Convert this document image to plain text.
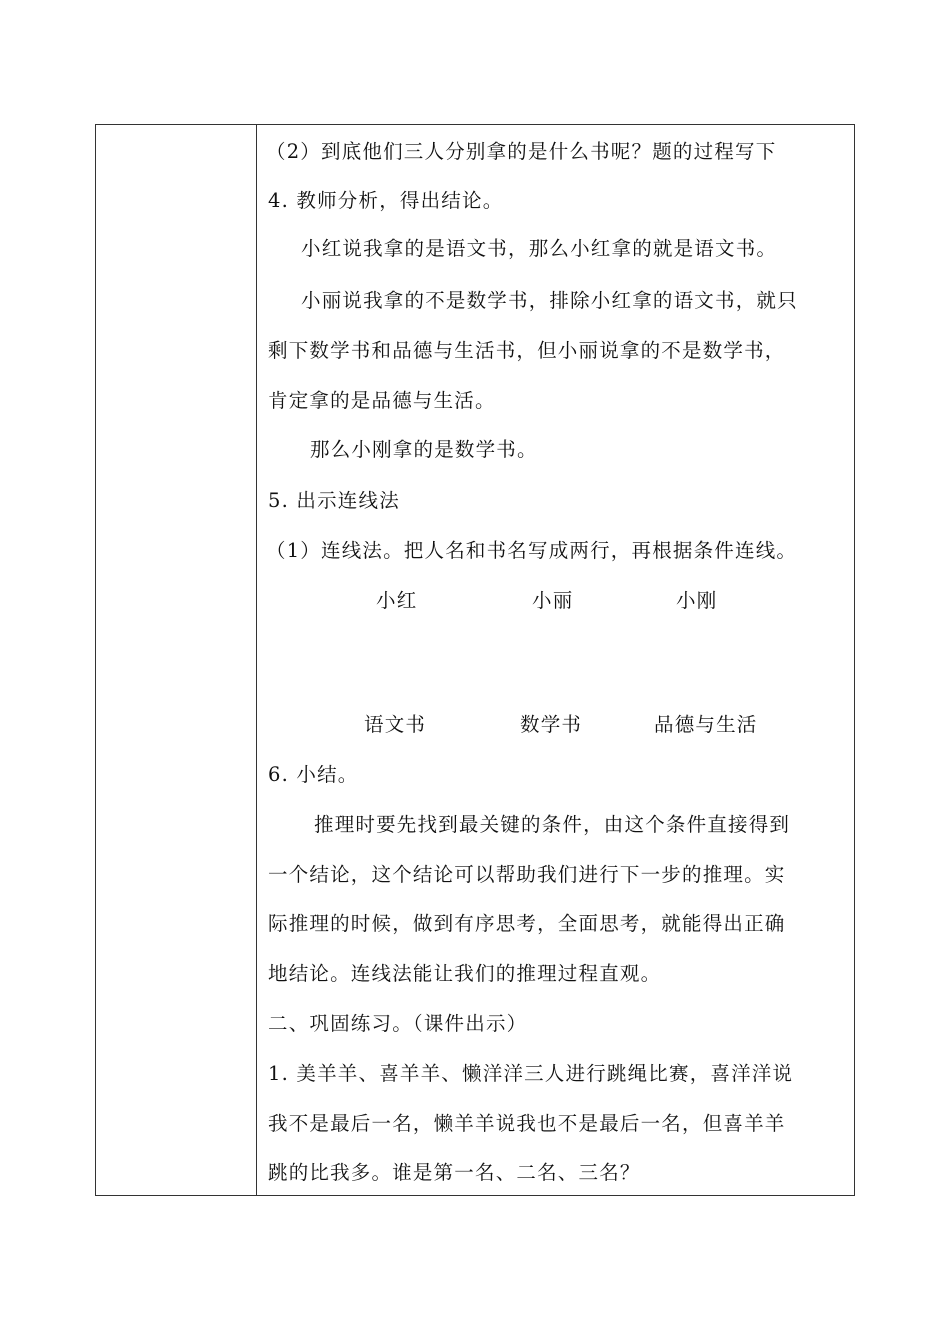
（2）到底他们三人分别拿的是什么书呢？题的过程写下
4. 教师分析，得出结论。
小红说我拿的是语文书，那么小红拿的就是语文书。
小丽说我拿的不是数学书，排除小红拿的语文书，就只
剩下数学书和品德与生活书，但小丽说拿的不是数学书，
肯定拿的是品德与生活。
那么小刚拿的是数学书。
5. 出示连线法
（1）连线法。把人名和书名写成两行，再根据条件连线。
小红	小丽	小刚
语文书	数学书	品德与生活
6. 小结。
推理时要先找到最关键的条件，由这个条件直接得到
一个结论，这个结论可以帮助我们进行下一步的推理。实
际推理的时候，做到有序思考，全面思考，就能得出正确
地结论。连线法能让我们的推理过程直观。
二、巩固练习。（课件出示）
1. 美羊羊、喜羊羊、懒洋洋三人进行跳绳比赛，喜洋洋说
我不是最后一名，懒羊羊说我也不是最后一名，但喜羊羊
跳的比我多。谁是第一名、二名、三名？
